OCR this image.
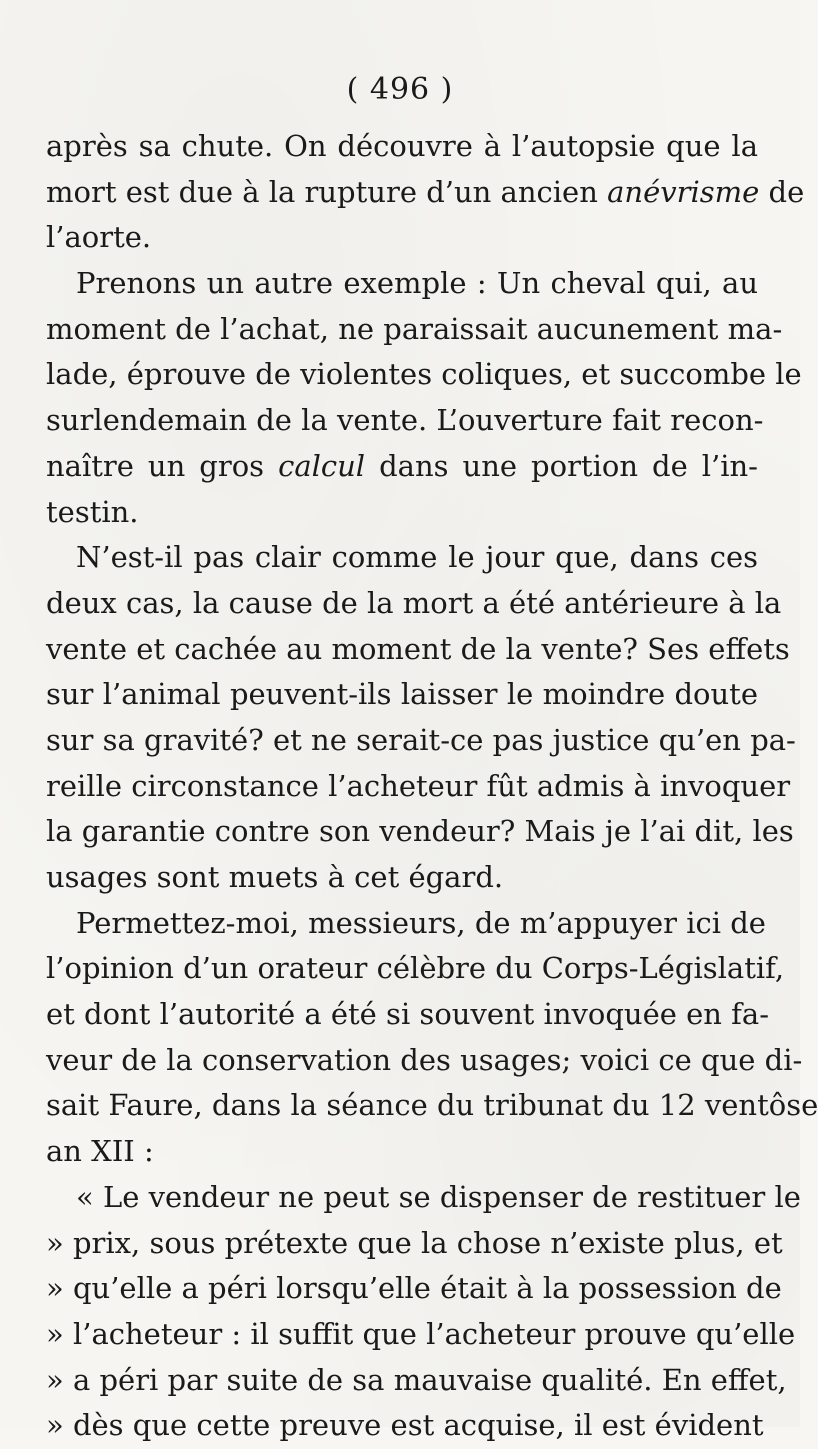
( 496 )
après sa chute. On découvre à l’autopsie que la
mort est due à la rupture d’un ancien anévrisme de
l’aorte.
Prenons un autre exemple : Un cheval qui, au
moment de l’achat, ne paraissait aucunement ma-
lade, éprouve de violentes coliques, et succombe le
surlendemain de la vente. L’ouverture fait recon-
naître un gros calcul dans une portion de l’in-
testin.
N’est-il pas clair comme le jour que, dans ces
deux cas, la cause de la mort a été antérieure à la
vente et cachée au moment de la vente? Ses effets
sur l’animal peuvent-ils laisser le moindre doute
sur sa gravité? et ne serait-ce pas justice qu’en pa-
reille circonstance l’acheteur fût admis à invoquer
la garantie contre son vendeur? Mais je l’ai dit, les
usages sont muets à cet égard.
Permettez-moi, messieurs, de m’appuyer ici de
l’opinion d’un orateur célèbre du Corps-Législatif,
et dont l’autorité a été si souvent invoquée en fa-
veur de la conservation des usages; voici ce que di-
sait Faure, dans la séance du tribunat du 12 ventôse
an XII :
« Le vendeur ne peut se dispenser de restituer le
» prix, sous prétexte que la chose n’existe plus, et
» qu’elle a péri lorsqu’elle était à la possession de
» l’acheteur : il suffit que l’acheteur prouve qu’elle
» a péri par suite de sa mauvaise qualité. En effet,
» dès que cette preuve est acquise, il est évident
